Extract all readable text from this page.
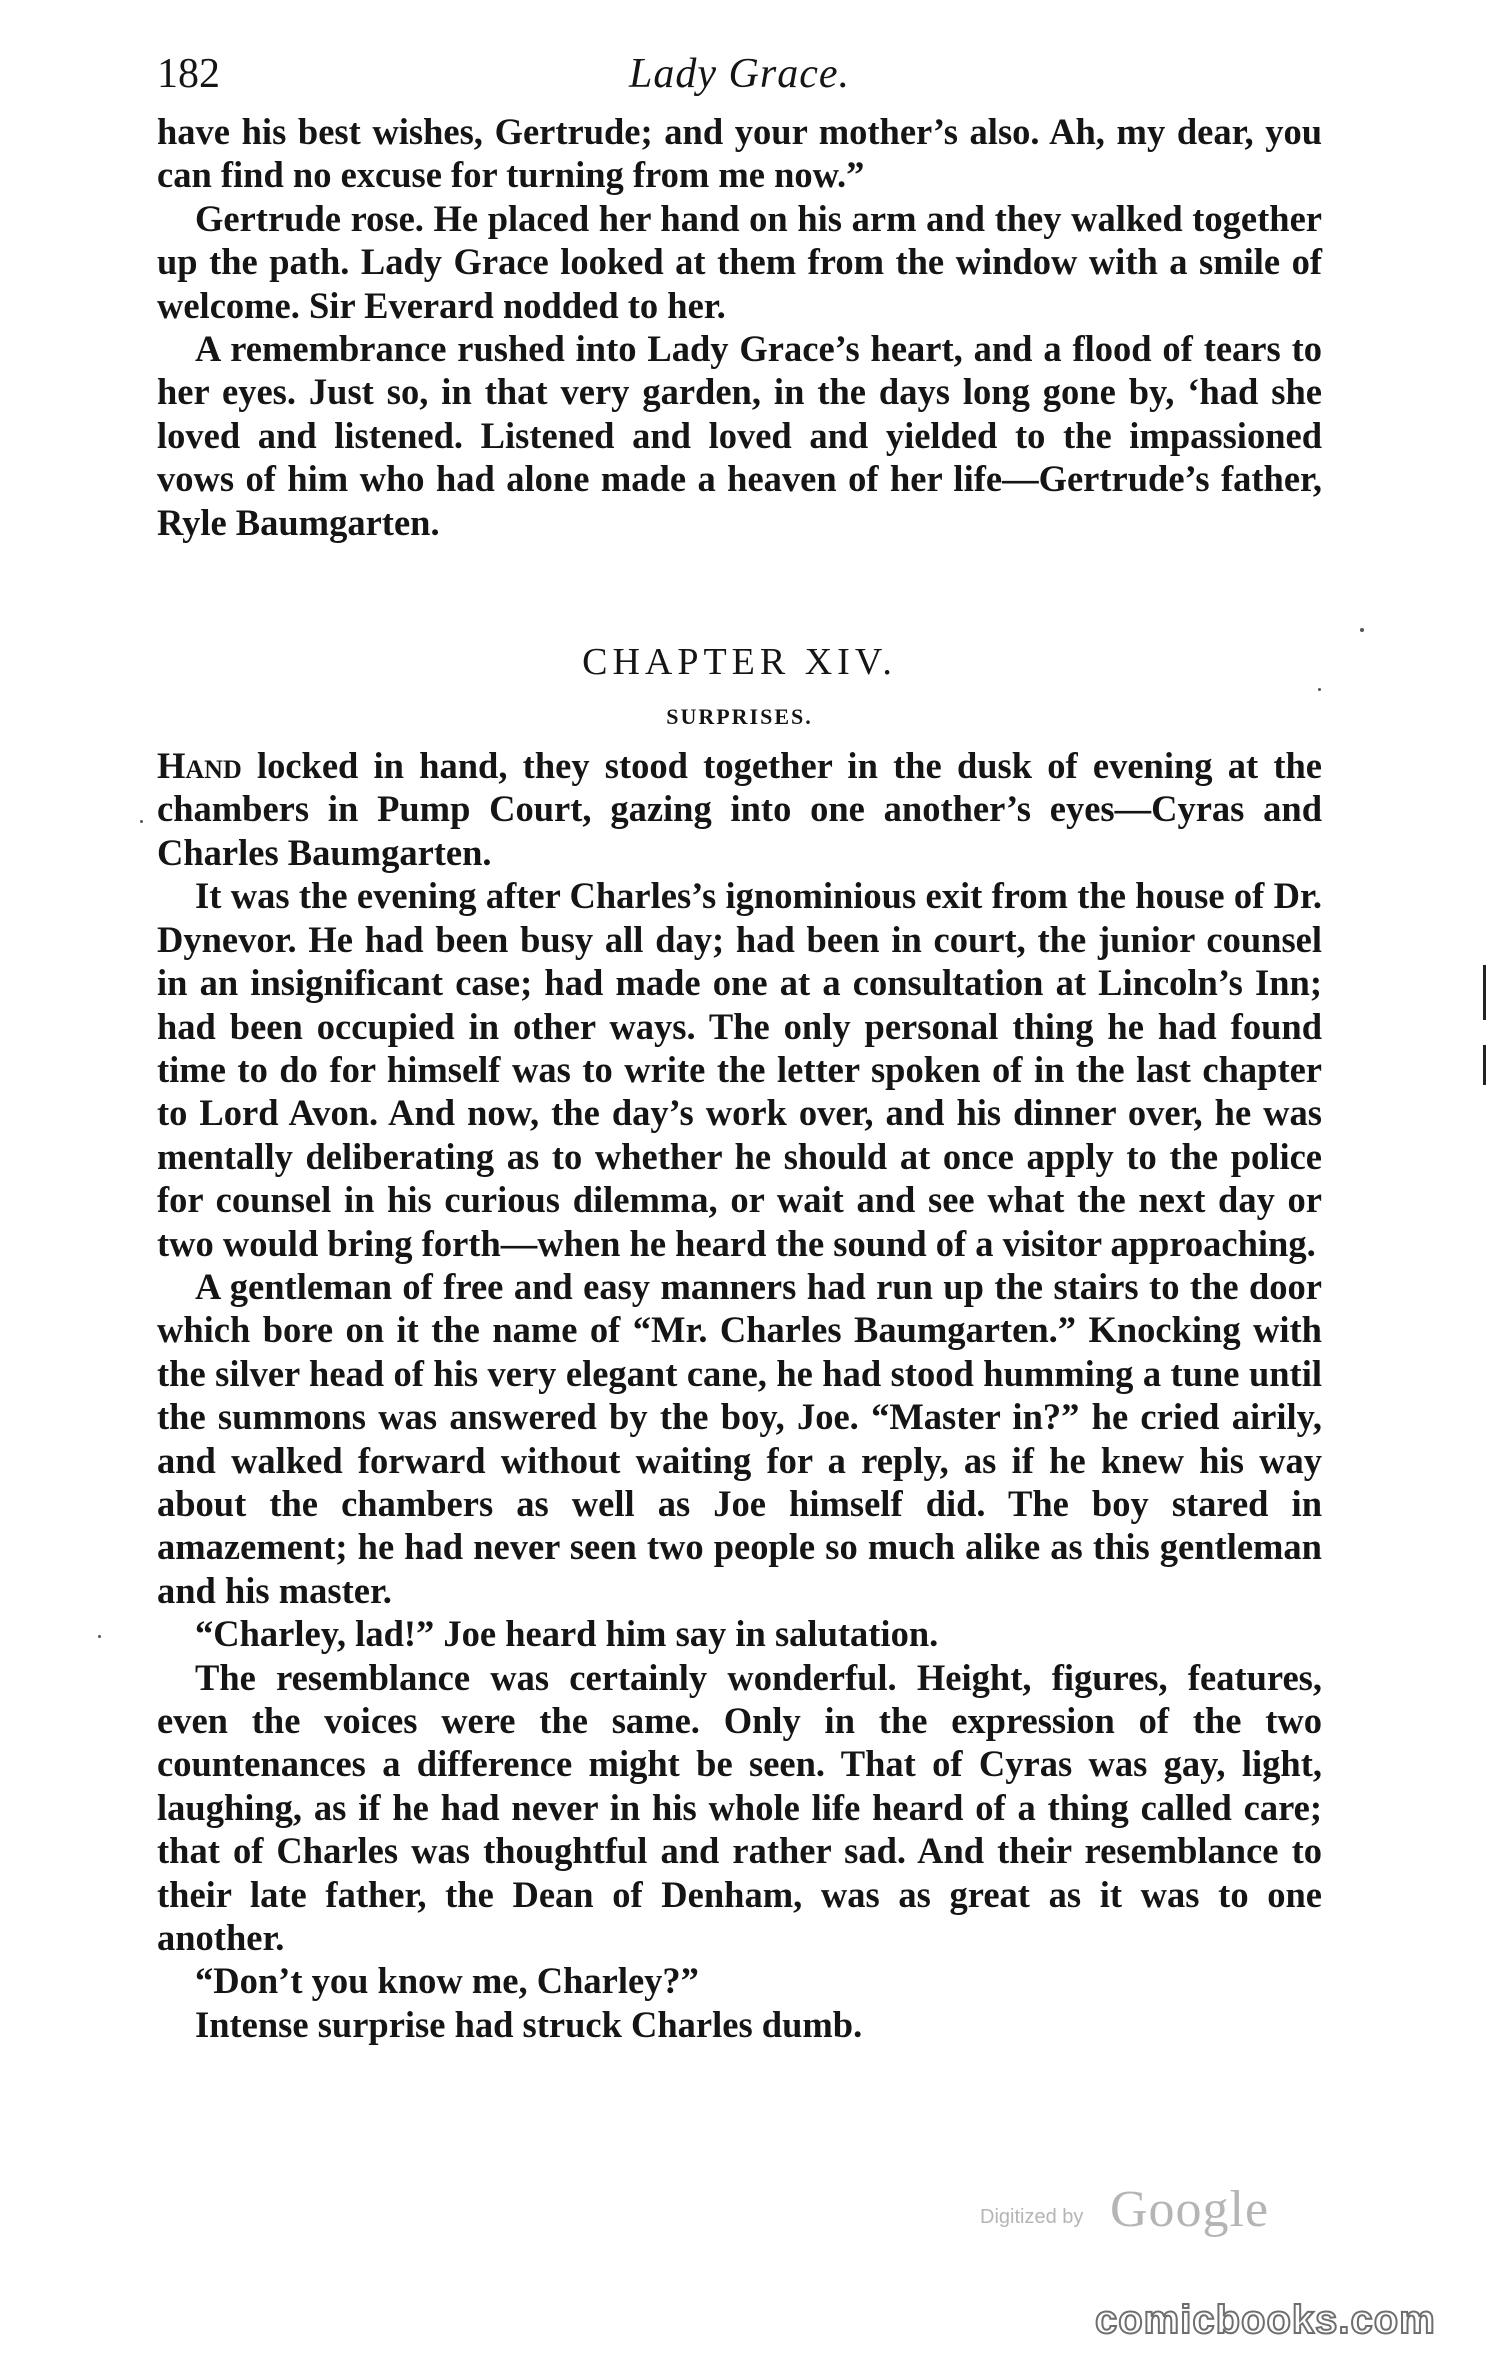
182	Lady Grace.

have his best wishes, Gertrude; and your mother’s also. Ah, my dear, you can find no excuse for turning from me now.”

Gertrude rose. He placed her hand on his arm and they walked together up the path. Lady Grace looked at them from the window with a smile of welcome. Sir Everard nodded to her.

A remembrance rushed into Lady Grace’s heart, and a flood of tears to her eyes. Just so, in that very garden, in the days long gone by, ‘had she loved and listened. Listened and loved and yielded to the impassioned vows of him who had alone made a heaven of her life—Gertrude’s father, Ryle Baumgarten.

CHAPTER XIV.
SURPRISES.

Hand locked in hand, they stood together in the dusk of evening at the chambers in Pump Court, gazing into one another’s eyes—Cyras and Charles Baumgarten.

It was the evening after Charles’s ignominious exit from the house of Dr. Dynevor. He had been busy all day; had been in court, the junior counsel in an insignificant case; had made one at a consultation at Lincoln’s Inn; had been occupied in other ways. The only personal thing he had found time to do for himself was to write the letter spoken of in the last chapter to Lord Avon. And now, the day’s work over, and his dinner over, he was mentally deliberating as to whether he should at once apply to the police for counsel in his curious dilemma, or wait and see what the next day or two would bring forth—when he heard the sound of a visitor approaching.

A gentleman of free and easy manners had run up the stairs to the door which bore on it the name of “Mr. Charles Baumgarten.” Knocking with the silver head of his very elegant cane, he had stood humming a tune until the summons was answered by the boy, Joe. “Master in?” he cried airily, and walked forward without waiting for a reply, as if he knew his way about the chambers as well as Joe himself did. The boy stared in amazement; he had never seen two people so much alike as this gentleman and his master.

“Charley, lad!” Joe heard him say in salutation.

The resemblance was certainly wonderful. Height, figures, features, even the voices were the same. Only in the expression of the two countenances a difference might be seen. That of Cyras was gay, light, laughing, as if he had never in his whole life heard of a thing called care; that of Charles was thoughtful and rather sad. And their resemblance to their late father, the Dean of Denham, was as great as it was to one another.

“Don’t you know me, Charley?”

Intense surprise had struck Charles dumb.

Digitized by Google
comicbooks.com
